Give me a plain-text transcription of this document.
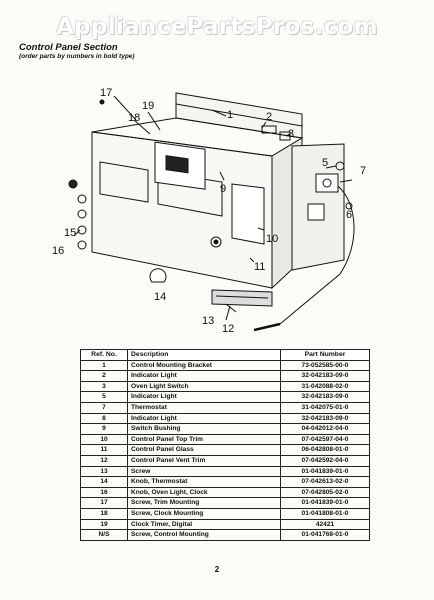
AppliancePartsPros.com
Control Panel Section
(order parts by numbers in bold type)
17
19
18	1	2
3
5
7
6
9
10
11
15
16
14
13
12
Ref. No.	Description	Part Number
1	Control Mounting Bracket	73-052585-00-0
2	Indicator Light	32-042183-09-0
3	Oven Light Switch	31-042088-02-0
5	Indicator Light	32-042183-09-0
7	Thermostat	31-042075-01-0
8	Indicator Light	32-042183-09-0
9	Switch Bushing	04-042012-04-0
10	Control Panel Top Trim	07-042597-04-0
11	Control Panel Glass	06-042808-01-0
12	Control Panel Vent Trim	07-042592-04-0
13	Screw	01-041839-01-0
14	Knob, Thermostat	07-042613-02-0
16	Knob, Oven Light, Clock	07-042805-02-0
17	Screw, Trim Mounting	01-041839-01-0
18	Screw, Clock Mounting	01-041808-01-0
19	Clock Timer, Digital	42421
N/S	Screw, Control Mounting	01-041768-01-0
2
